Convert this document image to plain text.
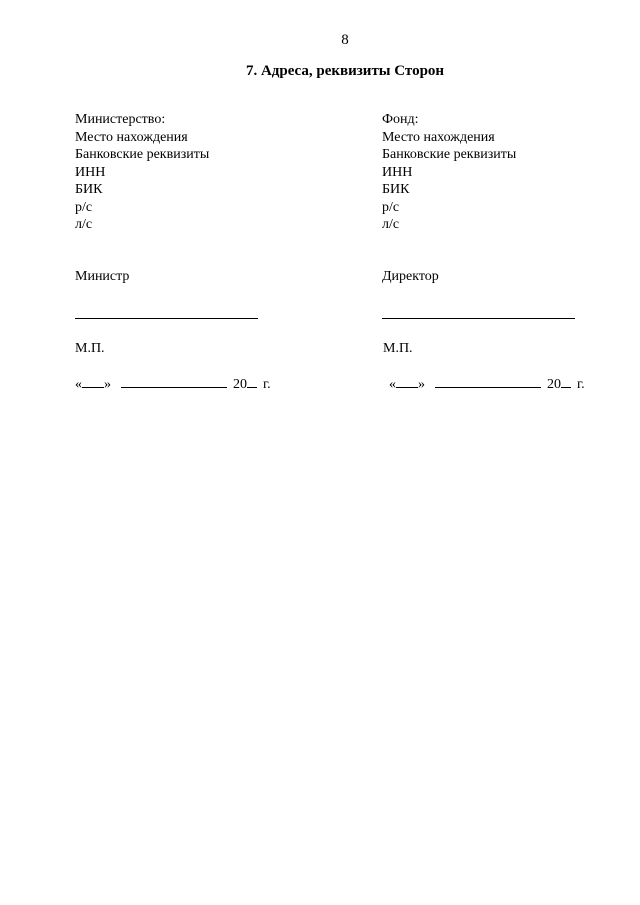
8
7. Адреса, реквизиты Сторон
Министерство:
Место нахождения
Банковские реквизиты
ИНН
БИК
р/с
л/с
Фонд:
Место нахождения
Банковские реквизиты
ИНН
БИК
р/с
л/с
Министр	Директор
М.П.	М.П.
« »	20 г.	« »	20 г.
